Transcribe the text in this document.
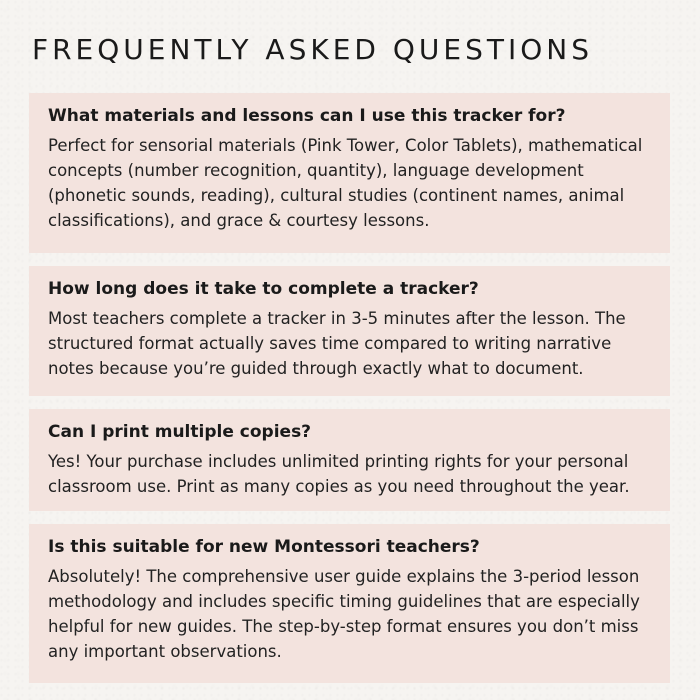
FREQUENTLY ASKED QUESTIONS
What materials and lessons can I use this tracker for?

Perfect for sensorial materials (Pink Tower, Color Tablets), mathematical concepts (number recognition, quantity), language development (phonetic sounds, reading), cultural studies (continent names, animal classifications), and grace & courtesy lessons.

How long does it take to complete a tracker?

Most teachers complete a tracker in 3-5 minutes after the lesson. The structured format actually saves time compared to writing narrative notes because you’re guided through exactly what to document.

Can I print multiple copies?

Yes! Your purchase includes unlimited printing rights for your personal classroom use. Print as many copies as you need throughout the year.

Is this suitable for new Montessori teachers?

Absolutely! The comprehensive user guide explains the 3-period lesson methodology and includes specific timing guidelines that are especially helpful for new guides. The step-by-step format ensures you don’t miss any important observations.
